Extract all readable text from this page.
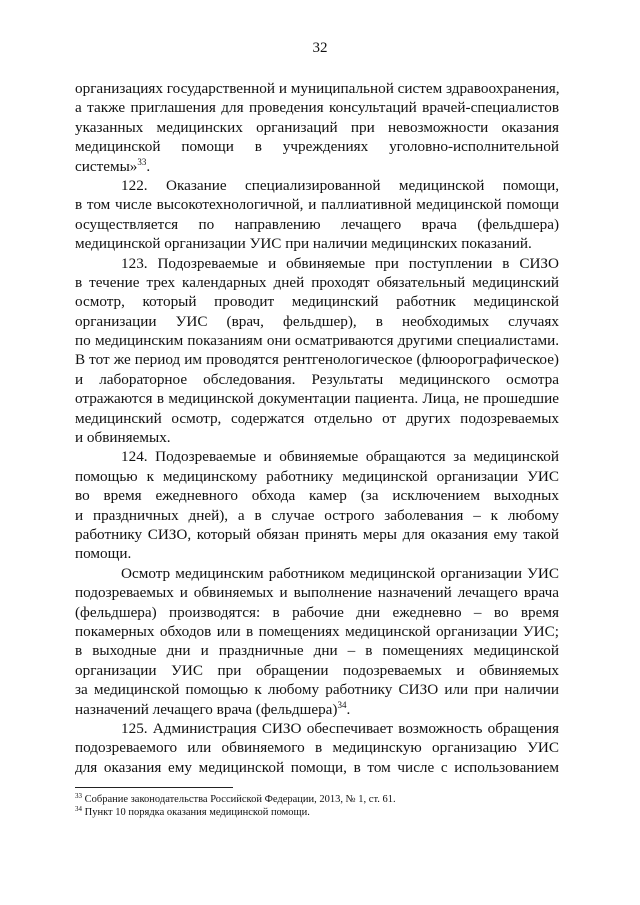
32
организациях государственной и муниципальной систем здравоохранения,
а также приглашения для проведения консультаций врачей-специалистов
указанных медицинских организаций при невозможности оказания
медицинской помощи в учреждениях уголовно-исполнительной
системы»$^{33}$.
122. Оказание специализированной медицинской помощи,
в том числе высокотехнологичной, и паллиативной медицинской помощи
осуществляется по направлению лечащего врача (фельдшера)
медицинской организации УИС при наличии медицинских показаний.
123. Подозреваемые и обвиняемые при поступлении в СИЗО
в течение трех календарных дней проходят обязательный медицинский
осмотр, который проводит медицинский работник медицинской
организации УИС (врач, фельдшер), в необходимых случаях
по медицинским показаниям они осматриваются другими специалистами.
В тот же период им проводятся рентгенологическое (флюорографическое)
и лабораторное обследования. Результаты медицинского осмотра
отражаются в медицинской документации пациента. Лица, не прошедшие
медицинский осмотр, содержатся отдельно от других подозреваемых
и обвиняемых.
124. Подозреваемые и обвиняемые обращаются за медицинской
помощью к медицинскому работнику медицинской организации УИС
во время ежедневного обхода камер (за исключением выходных
и праздничных дней), а в случае острого заболевания – к любому
работнику СИЗО, который обязан принять меры для оказания ему такой
помощи.
Осмотр медицинским работником медицинской организации УИС
подозреваемых и обвиняемых и выполнение назначений лечащего врача
(фельдшера) производятся: в рабочие дни ежедневно – во время
покамерных обходов или в помещениях медицинской организации УИС;
в выходные дни и праздничные дни – в помещениях медицинской
организации УИС при обращении подозреваемых и обвиняемых
за медицинской помощью к любому работнику СИЗО или при наличии
назначений лечащего врача (фельдшера)$^{34}$.
125. Администрация СИЗО обеспечивает возможность обращения
подозреваемого или обвиняемого в медицинскую организацию УИС
для оказания ему медицинской помощи, в том числе с использованием
$^{33}$ Собрание законодательства Российской Федерации, 2013, № 1, ст. 61.
$^{34}$ Пункт 10 порядка оказания медицинской помощи.
